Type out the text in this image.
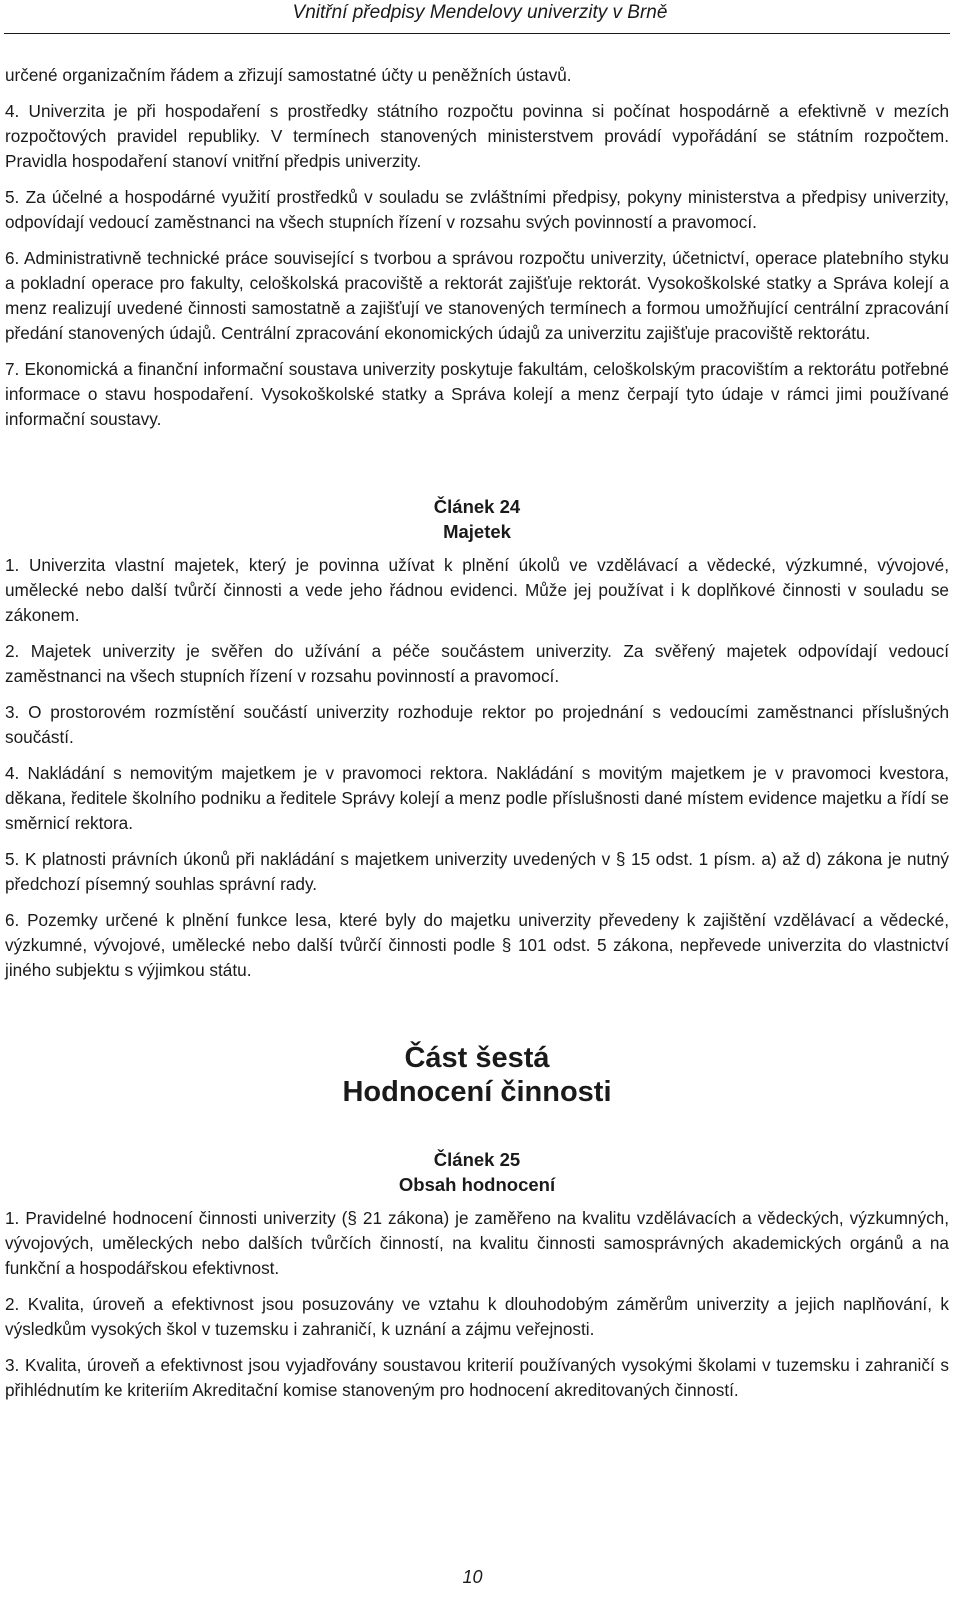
Vnitřní předpisy Mendelovy univerzity v Brně

určené organizačním řádem a zřizují samostatné účty u peněžních ústavů.

4. Univerzita je při hospodaření s prostředky státního rozpočtu povinna si počínat hospodárně a efektivně v mezích rozpočtových pravidel republiky. V termínech stanovených ministerstvem provádí vypořádání se státním rozpočtem. Pravidla hospodaření stanoví vnitřní předpis univerzity.

5. Za účelné a hospodárné využití prostředků v souladu se zvláštními předpisy, pokyny ministerstva a předpisy univerzity, odpovídají vedoucí zaměstnanci na všech stupních řízení v rozsahu svých povinností a pravomocí.

6. Administrativně technické práce související s tvorbou a správou rozpočtu univerzity, účetnictví, operace platebního styku a pokladní operace pro fakulty, celoškolská pracoviště a rektorát zajišťuje rektorát. Vysokoškolské statky a Správa kolejí a menz realizují uvedené činnosti samostatně a zajišťují ve stanovených termínech a formou umožňující centrální zpracování předání stanovených údajů. Centrální zpracování ekonomických údajů za univerzitu zajišťuje pracoviště rektorátu.

7. Ekonomická a finanční informační soustava univerzity poskytuje fakultám, celoškolským pracovištím a rektorátu potřebné informace o stavu hospodaření. Vysokoškolské statky a Správa kolejí a menz čerpají tyto údaje v rámci jimi používané informační soustavy.

Článek 24
Majetek

1. Univerzita vlastní majetek, který je povinna užívat k plnění úkolů ve vzdělávací a vědecké, výzkumné, vývojové, umělecké nebo další tvůrčí činnosti a vede jeho řádnou evidenci. Může jej používat i k doplňkové činnosti v souladu se zákonem.

2. Majetek univerzity je svěřen do užívání a péče součástem univerzity. Za svěřený majetek odpovídají vedoucí zaměstnanci na všech stupních řízení v rozsahu povinností a pravomocí.

3. O prostorovém rozmístění součástí univerzity rozhoduje rektor po projednání s vedoucími zaměstnanci příslušných součástí.

4. Nakládání s nemovitým majetkem je v pravomoci rektora. Nakládání s movitým majetkem je v pravomoci kvestora, děkana, ředitele školního podniku a ředitele Správy kolejí a menz podle příslušnosti dané místem evidence majetku a řídí se směrnicí rektora.

5. K platnosti právních úkonů při nakládání s majetkem univerzity uvedených v § 15 odst. 1 písm. a) až d) zákona je nutný předchozí písemný souhlas správní rady.

6. Pozemky určené k plnění funkce lesa, které byly do majetku univerzity převedeny k zajištění vzdělávací a vědecké, výzkumné, vývojové, umělecké nebo další tvůrčí činnosti podle § 101 odst. 5 zákona, nepřevede univerzita do vlastnictví jiného subjektu s výjimkou státu.

Část šestá
Hodnocení činnosti
Článek 25
Obsah hodnocení

1. Pravidelné hodnocení činnosti univerzity (§ 21 zákona) je zaměřeno na kvalitu vzdělávacích a vědeckých, výzkumných, vývojových, uměleckých nebo dalších tvůrčích činností, na kvalitu činnosti samosprávných akademických orgánů a na funkční a hospodářskou efektivnost.

2. Kvalita, úroveň a efektivnost jsou posuzovány ve vztahu k dlouhodobým záměrům univerzity a jejich naplňování, k výsledkům vysokých škol v tuzemsku i zahraničí, k uznání a zájmu veřejnosti.

3. Kvalita, úroveň a efektivnost jsou vyjadřovány soustavou kriterií používaných vysokými školami v tuzemsku i zahraničí s přihlédnutím ke kriteriím Akreditační komise stanoveným pro hodnocení akreditovaných činností.

10
